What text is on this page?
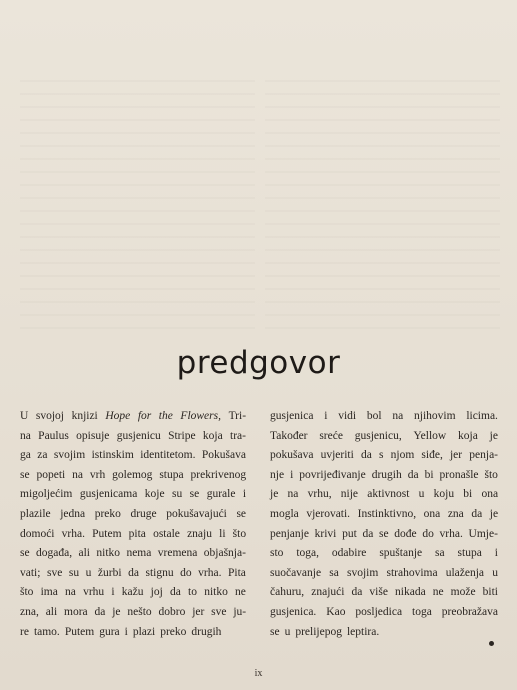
predgovor
U svojoj knjizi Hope for the Flowers, Tri-
na Paulus opisuje gusjenicu Stripe koja tra-
ga za svojim istinskim identitetom. Pokušava
se popeti na vrh golemog stupa prekrivenog
migoljećim gusjenicama koje su se gurale i
plazile jedna preko druge pokušavajući se
domoći vrha. Putem pita ostale znaju li što
se događa, ali nitko nema vremena objašnja-
vati; sve su u žurbi da stignu do vrha. Pita
što ima na vrhu i kažu joj da to nitko ne
zna, ali mora da je nešto dobro jer sve ju-
re tamo. Putem gura i plazi preko drugih
gusjenica i vidi bol na njihovim licima.
Također	sreće	gusjenicu,	Yellow	koja	je
pokušava uvjeriti da s njom siđe, jer penja-
nje i povrijeđivanje drugih da bi pronašle što
je na vrhu, nije aktivnost u koju bi ona
mogla vjerovati. Instinktivno, ona zna da je
penjanje krivi put da se dođe do vrha. Umje-
sto	toga,	odabire	spuštanje	sa	stupa	i
suočavanje sa svojim strahovima ulaženja u
čahuru, znajući da više nikada ne može biti
gusjenica. Kao posljedica toga preobražava
se u prelijepog leptira.
ix
